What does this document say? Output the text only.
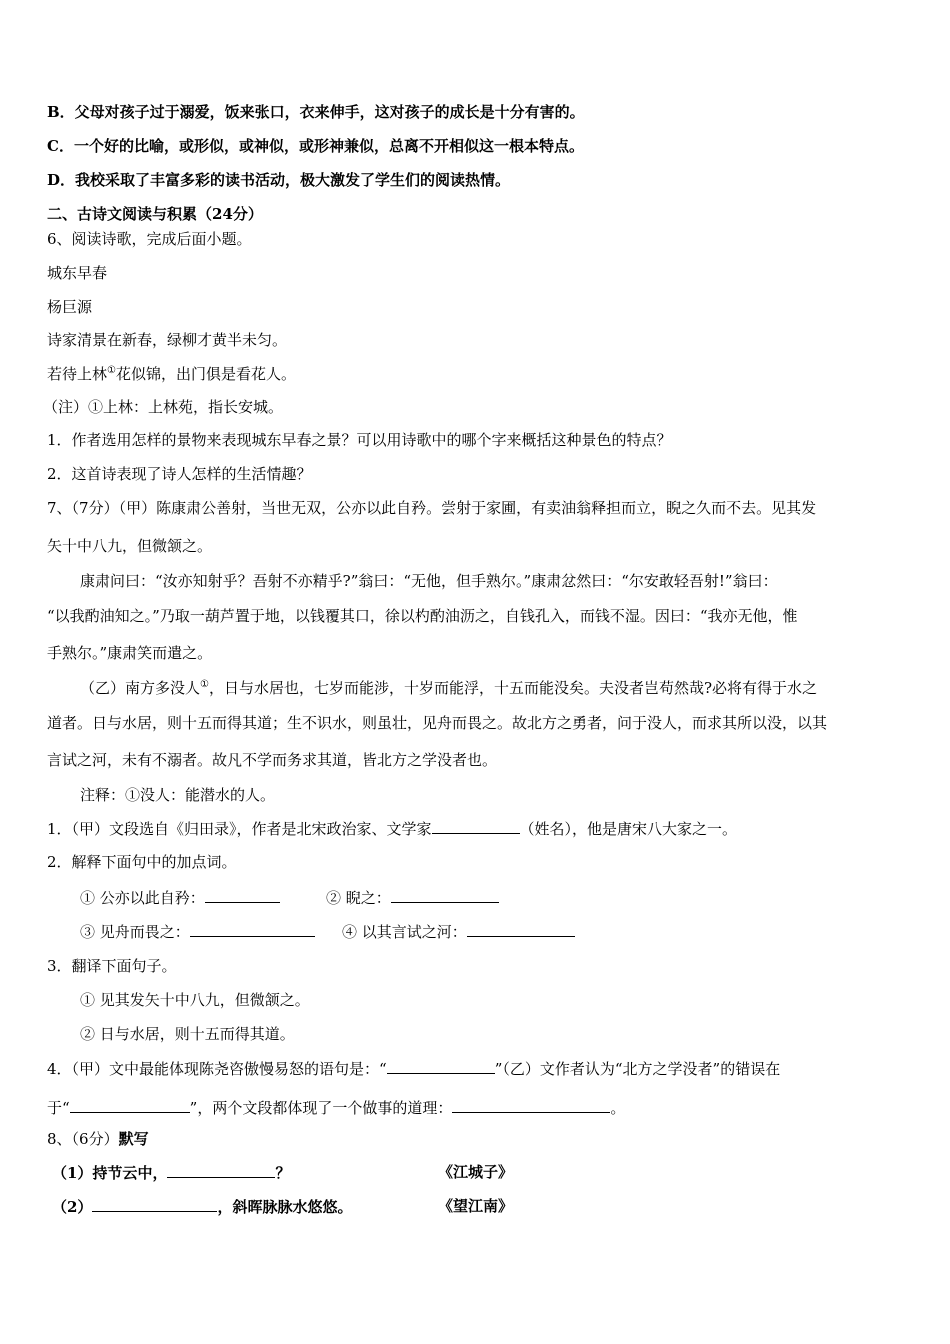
B．父母对孩子过于溺爱，饭来张口，衣来伸手，这对孩子的成长是十分有害的。
C．一个好的比喻，或形似，或神似，或形神兼似，总离不开相似这一根本特点。
D．我校采取了丰富多彩的读书活动，极大激发了学生们的阅读热情。
二、古诗文阅读与积累（24分）
6、阅读诗歌，完成后面小题。
城东早春
杨巨源
诗家清景在新春，绿柳才黄半未匀。
若待上林①花似锦，出门俱是看花人。
（注）①上林：上林苑，指长安城。
1．作者选用怎样的景物来表现城东早春之景？可以用诗歌中的哪个字来概括这种景色的特点？
2．这首诗表现了诗人怎样的生活情趣？
7、（7分）（甲）陈康肃公善射，当世无双，公亦以此自矜。尝射于家圃，有卖油翁释担而立，睨之久而不去。见其发
矢十中八九，但微颔之。
康肃问曰：“汝亦知射乎？吾射不亦精乎?”翁曰：“无他，但手熟尔。”康肃忿然曰：“尔安敢轻吾射!”翁曰：
“以我酌油知之。”乃取一葫芦置于地，以钱覆其口，徐以杓酌油沥之，自钱孔入，而钱不湿。因曰：“我亦无他，惟
手熟尔。”康肃笑而遣之。
（乙）南方多没人①，日与水居也，七岁而能涉，十岁而能浮，十五而能没矣。夫没者岂苟然哉?必将有得于水之
道者。日与水居，则十五而得其道；生不识水，则虽壮，见舟而畏之。故北方之勇者，问于没人，而求其所以没，以其
言试之河，未有不溺者。故凡不学而务求其道，皆北方之学没者也。
注释：①没人：能潜水的人。
1．（甲）文段选自《归田录》，作者是北宋政治家、文学家	（姓名），他是唐宋八大家之一。
2．解释下面句中的加点词。
① 公亦以此自矜：	② 睨之：
③ 见舟而畏之：	④ 以其言试之河：
3．翻译下面句子。
① 见其发矢十中八九，但微颔之。
② 日与水居，则十五而得其道。
4．（甲）文中最能体现陈尧咨傲慢易怒的语句是：“	”（乙）文作者认为“北方之学没者”的错误在
于“	”，两个文段都体现了一个做事的道理：	。
8、（6分）默写
（1）持节云中，	？	《江城子》
（2）	，斜晖脉脉水悠悠。	《望江南》
